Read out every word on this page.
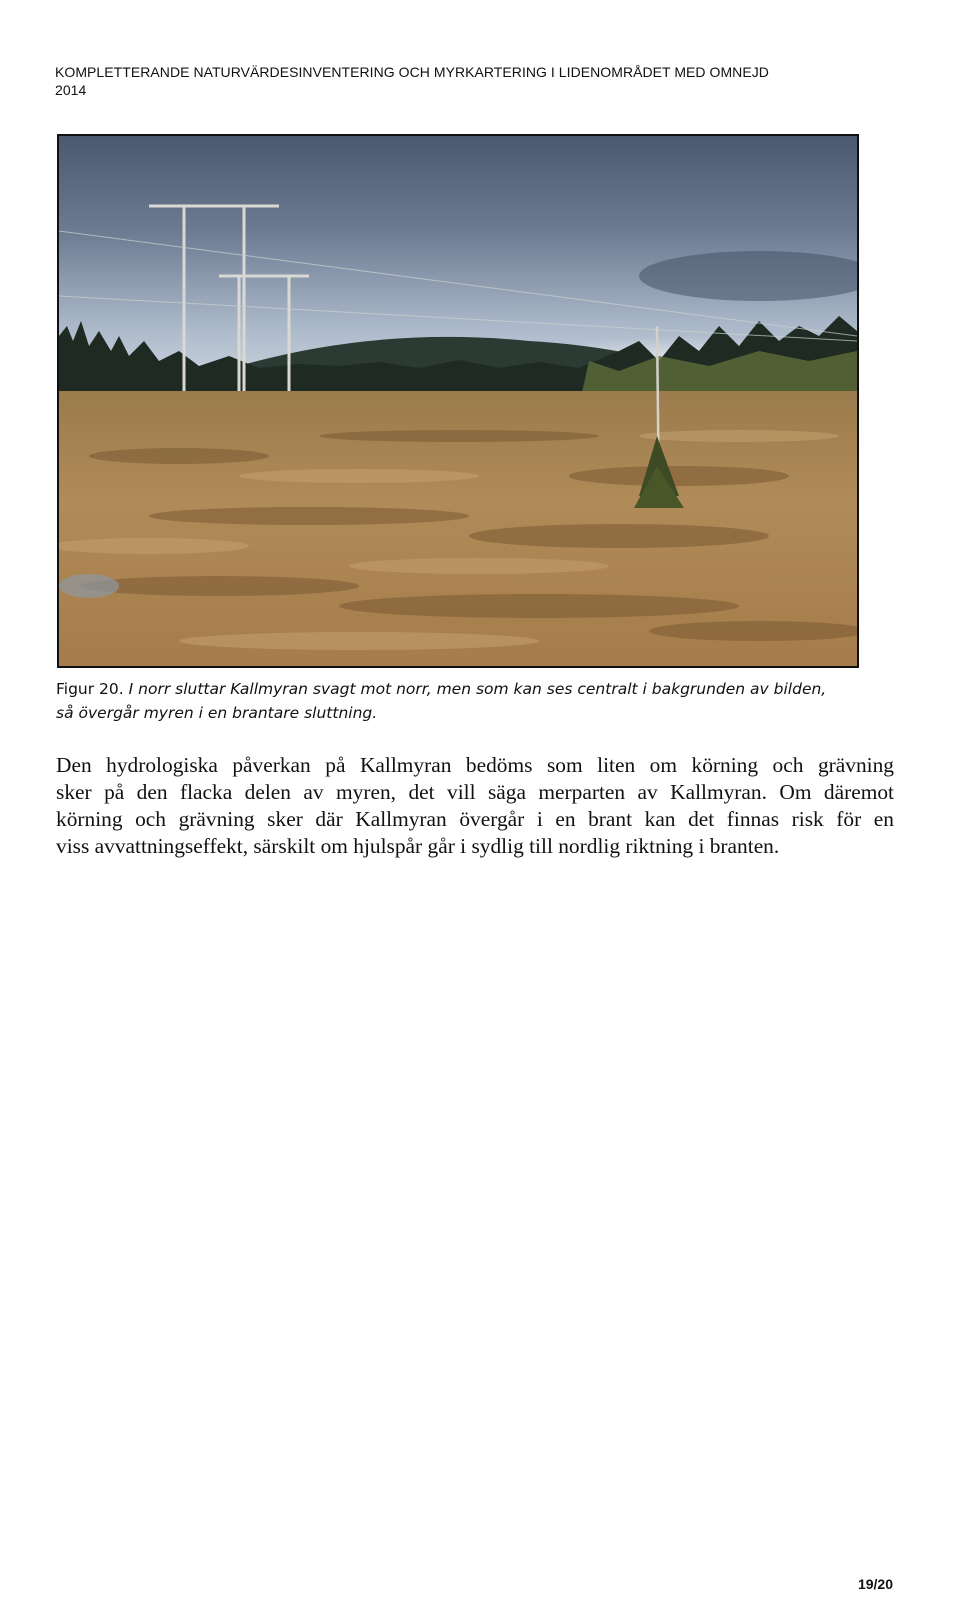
KOMPLETTERANDE NATURVÄRDESINVENTERING OCH MYRKARTERING I LIDENOMRÅDET MED OMNEJD
2014
Figur 20. I norr sluttar Kallmyran svagt mot norr, men som kan ses centralt i bakgrunden av bilden,
så övergår myren i en brantare sluttning.
Den hydrologiska påverkan på Kallmyran bedöms som liten om körning och grävning
sker på den flacka delen av myren, det vill säga merparten av Kallmyran. Om däremot
körning och grävning sker där Kallmyran övergår i en brant kan det finnas risk för en
viss avvattningseffekt, särskilt om hjulspår går i sydlig till nordlig riktning i branten.
19/20
